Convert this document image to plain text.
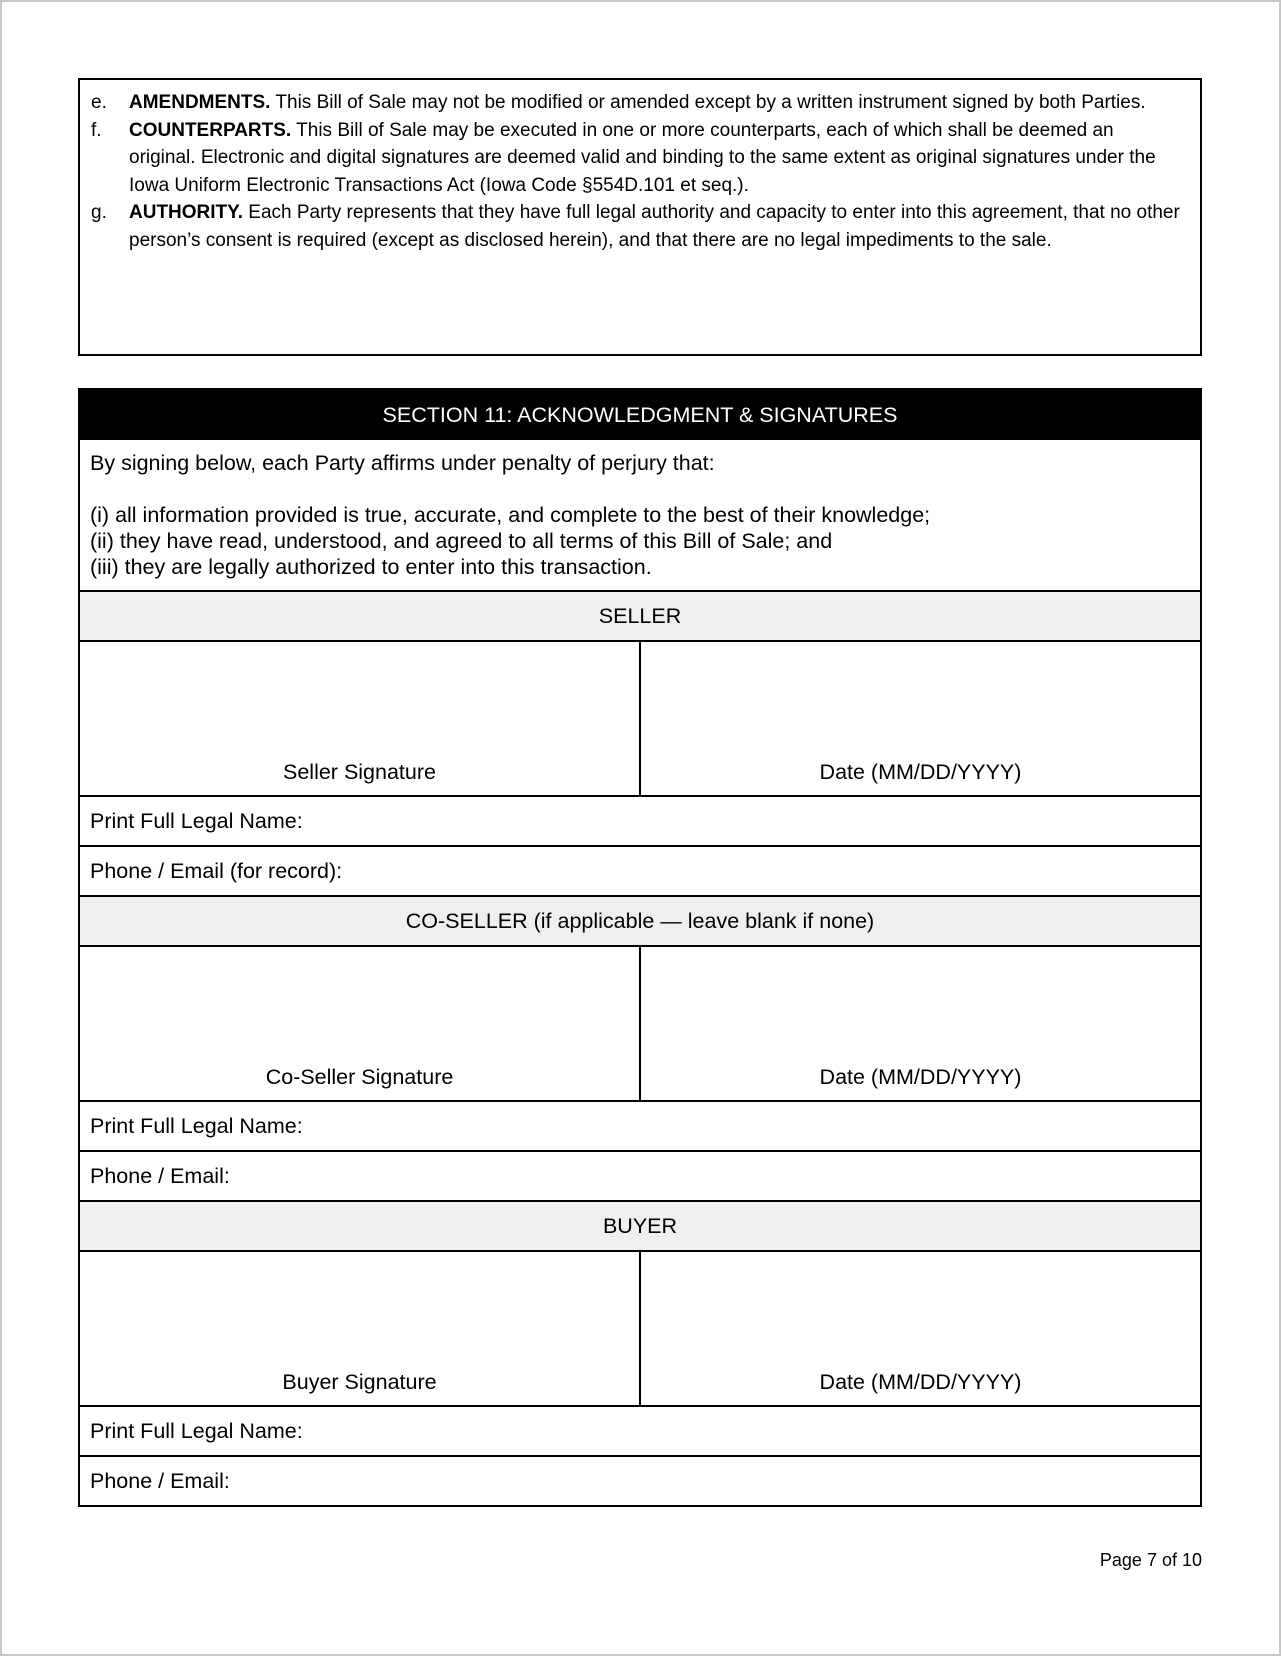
e.	AMENDMENTS. This Bill of Sale may not be modified or amended except by a written instrument signed by both Parties.
f.	COUNTERPARTS. This Bill of Sale may be executed in one or more counterparts, each of which shall be deemed an original. Electronic and digital signatures are deemed valid and binding to the same extent as original signatures under the Iowa Uniform Electronic Transactions Act (Iowa Code §554D.101 et seq.).
g.	AUTHORITY. Each Party represents that they have full legal authority and capacity to enter into this agreement, that no other person’s consent is required (except as disclosed herein), and that there are no legal impediments to the sale.
SECTION 11: ACKNOWLEDGMENT & SIGNATURES

By signing below, each Party affirms under penalty of perjury that:

(i) all information provided is true, accurate, and complete to the best of their knowledge;

(ii) they have read, understood, and agreed to all terms of this Bill of Sale; and

(iii) they are legally authorized to enter into this transaction.

SELLER
Seller Signature	Date (MM/DD/YYYY)
Print Full Legal Name:
Phone / Email (for record):
CO-SELLER (if applicable — leave blank if none)
Co-Seller Signature	Date (MM/DD/YYYY)
Print Full Legal Name:
Phone / Email:
BUYER
Buyer Signature	Date (MM/DD/YYYY)
Print Full Legal Name:
Phone / Email:
Page 7 of 10
